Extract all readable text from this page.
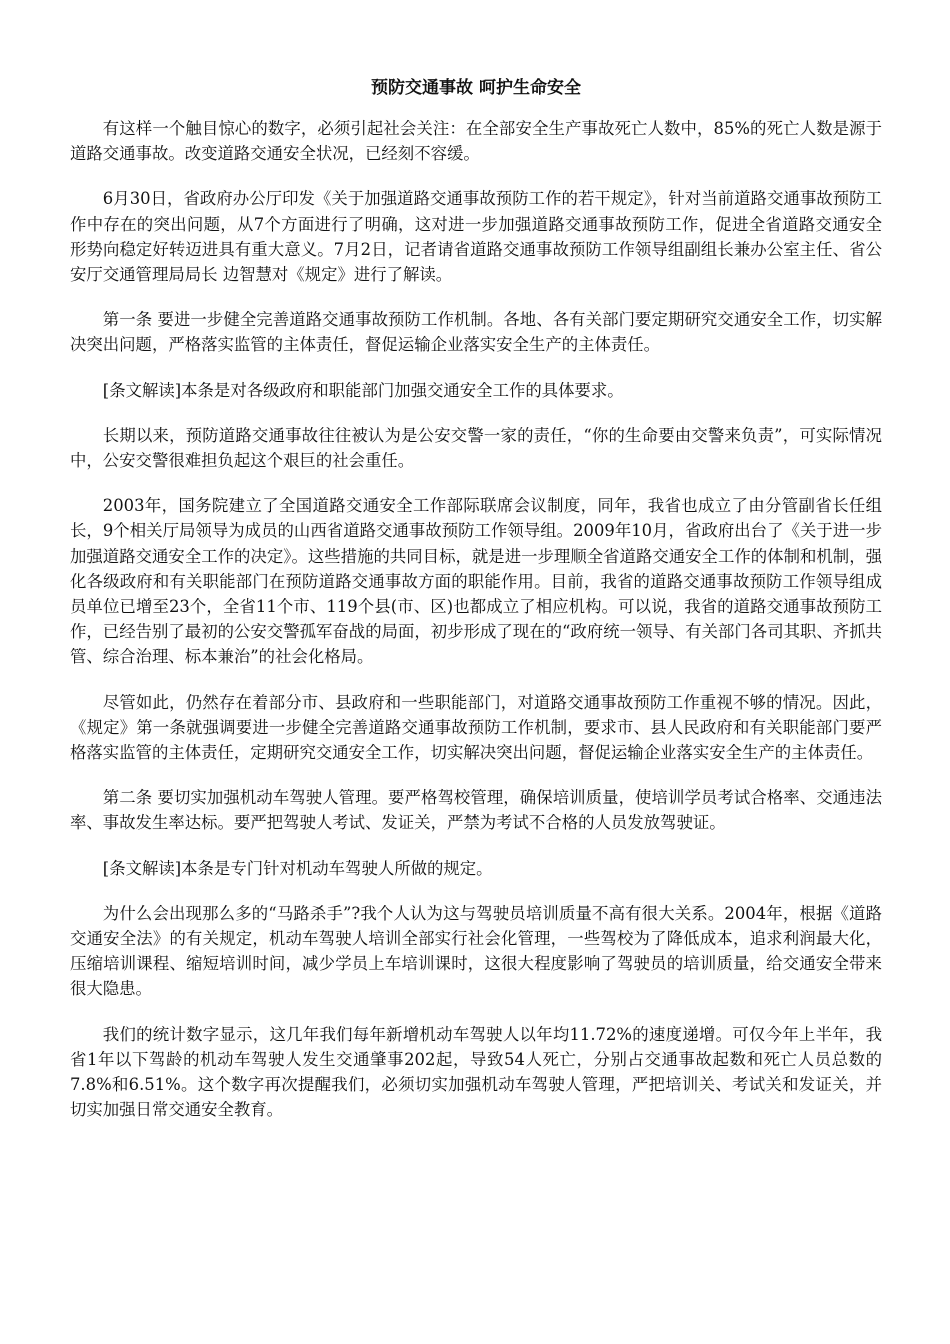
预防交通事故 呵护生命安全

有这样一个触目惊心的数字，必须引起社会关注：在全部安全生产事故死亡人数中，85%的死亡人数是源于道路交通事故。改变道路交通安全状况，已经刻不容缓。

6月30日，省政府办公厅印发《关于加强道路交通事故预防工作的若干规定》，针对当前道路交通事故预防工作中存在的突出问题，从7个方面进行了明确，这对进一步加强道路交通事故预防工作，促进全省道路交通安全形势向稳定好转迈进具有重大意义。7月2日，记者请省道路交通事故预防工作领导组副组长兼办公室主任、省公安厅交通管理局局长 边智慧对《规定》进行了解读。

第一条 要进一步健全完善道路交通事故预防工作机制。各地、各有关部门要定期研究交通安全工作，切实解决突出问题，严格落实监管的主体责任，督促运输企业落实安全生产的主体责任。

[条文解读]本条是对各级政府和职能部门加强交通安全工作的具体要求。

长期以来，预防道路交通事故往往被认为是公安交警一家的责任，“你的生命要由交警来负责”，可实际情况中，公安交警很难担负起这个艰巨的社会重任。

2003年，国务院建立了全国道路交通安全工作部际联席会议制度，同年，我省也成立了由分管副省长任组长，9个相关厅局领导为成员的山西省道路交通事故预防工作领导组。2009年10月，省政府出台了《关于进一步加强道路交通安全工作的决定》。这些措施的共同目标，就是进一步理顺全省道路交通安全工作的体制和机制，强化各级政府和有关职能部门在预防道路交通事故方面的职能作用。目前，我省的道路交通事故预防工作领导组成员单位已增至23个，全省11个市、119个县(市、区)也都成立了相应机构。可以说，我省的道路交通事故预防工作，已经告别了最初的公安交警孤军奋战的局面，初步形成了现在的“政府统一领导、有关部门各司其职、齐抓共管、综合治理、标本兼治”的社会化格局。

尽管如此，仍然存在着部分市、县政府和一些职能部门，对道路交通事故预防工作重视不够的情况。因此，《规定》第一条就强调要进一步健全完善道路交通事故预防工作机制，要求市、县人民政府和有关职能部门要严格落实监管的主体责任，定期研究交通安全工作，切实解决突出问题，督促运输企业落实安全生产的主体责任。

第二条 要切实加强机动车驾驶人管理。要严格驾校管理，确保培训质量，使培训学员考试合格率、交通违法率、事故发生率达标。要严把驾驶人考试、发证关，严禁为考试不合格的人员发放驾驶证。

[条文解读]本条是专门针对机动车驾驶人所做的规定。

为什么会出现那么多的“马路杀手”?我个人认为这与驾驶员培训质量不高有很大关系。2004年，根据《道路交通安全法》的有关规定，机动车驾驶人培训全部实行社会化管理，一些驾校为了降低成本，追求利润最大化，压缩培训课程、缩短培训时间，减少学员上车培训课时，这很大程度影响了驾驶员的培训质量，给交通安全带来很大隐患。

我们的统计数字显示，这几年我们每年新增机动车驾驶人以年均11.72%的速度递增。可仅今年上半年，我省1年以下驾龄的机动车驾驶人发生交通肇事202起，导致54人死亡，分别占交通事故起数和死亡人员总数的 7.8%和6.51%。这个数字再次提醒我们，必须切实加强机动车驾驶人管理，严把培训关、考试关和发证关，并切实加强日常交通安全教育。
